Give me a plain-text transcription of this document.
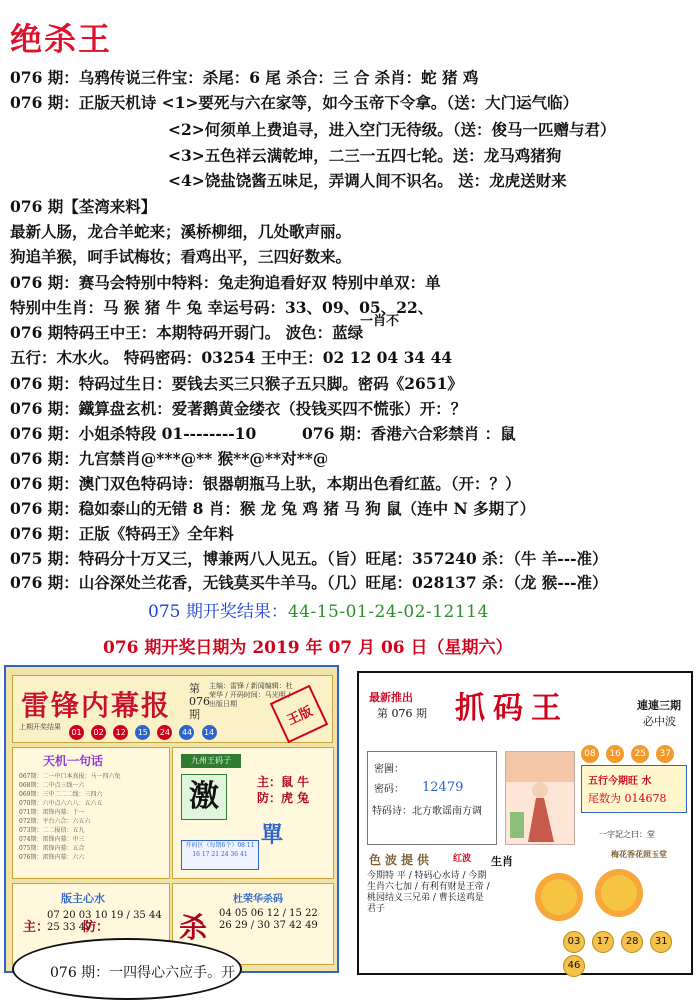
绝杀王
076 期：乌鸦传说三件宝：杀尾：6 尾 杀合：三 合 杀肖：蛇 猪 鸡
076 期：正版天机诗 <1>要死与六在家等，如今玉帝下令拿。（送：大门运气临）
<2>何须单上费追寻，进入空门无待级。（送：俊马一匹赠与君）
<3>五色祥云满乾坤，二三一五四七轮。送：龙马鸡猪狗
<4>饶盐饶酱五味足，弄调人间不识名。 送：龙虎送财来
076 期【荃湾来料】
最新人肠，龙合羊蛇来；溪桥柳细，几处歌声丽。
狗追羊猴，呵手试梅妆；看鸡出平，三四好数来。
076 期：赛马会特别中特料：兔走狗追看好双 特别中单双：单
特别中生肖：马 猴 猪 牛 兔 幸运号码：33、09、05、22、
一肖不
076 期特码王中王：本期特码开弱门。 波色：蓝绿
五行：木水火。 特码密码：03254 王中王：02 12 04 34 44
076 期：特码过生日：要钱去买三只猴子五只脚。密码《2651》
076 期：鐵算盘玄机：爱著鹅黄金缕衣（投钱买四不慌张）开：？
076 期：小姐杀特段 01--------10	076 期：香港六合彩禁肖 ：鼠
076 期：九宫禁肖@***@** 猴**@**对**@
076 期：澳门双色特码诗：银器朝瓶马上驮，本期出色看红蓝。（开：？）
076 期：稳如泰山的无错 8 肖：猴 龙 兔 鸡 猪 马 狗 鼠（连中 N 多期了）
076 期：正版《特码王》全年料
075 期：特码分十万又三，博兼两八人见五。（旨）旺尾：357240 杀：（牛 羊---准）
076 期：山谷深处兰花香，无钱莫买牛羊马。（几）旺尾：028137 杀：（龙 猴---准）
075 期开奖结果：44-15-01-24-02-12114
076 期开奖日期为 2019 年 07 月 06 日（星期六）
雷锋内幕报
第 076 期
主编：雷锋 / 新闻编辑：杜荣华 / 开码时间：马光明 / 出版日期	王版
上期开奖结果
01 02 12 15 24 44 14
天机一句话
067期：二一中口本真报：马一四六兔
068期：二中点三线一六
069期：三中二二二线：三四六
070期：六中点六六八：五六五
071期：雷锋内幕：十一
072期：平台六合：六五六
073期：二二报信：五九
074期：雷锋内幕：中三
075期：雷锋内幕：五合
076期：雷锋内幕：六六
九州王码子
激	主：鼠 牛
防：虎 兔
單
开码区（每期6个）08 11 16 17 21 24 36 41
版主心水
主：	防：
07 20 03 10 19 / 35 44 25 33 47
杜荣华杀码
杀 04 05 06 12 / 15 22 26 29 / 30 37 42 49
最新推出
第 076 期 抓码王	連連三期
必中波
密圖：
密码： 12479
特码诗：北方歌谣南方调
08 16 25 37
五行今期旺 水
尾数为 014678
色波提供 红波 生肖
今期特 平 / 特码心水诗 / 今期生肖六七加 / 有利有财是王帝 / 桃园结义三兄弟 / 曹长送鸡是君子
一字記之曰：堂
梅花香花照玉堂
03 17 28 31 46
076 期：一四得心六应手。开
